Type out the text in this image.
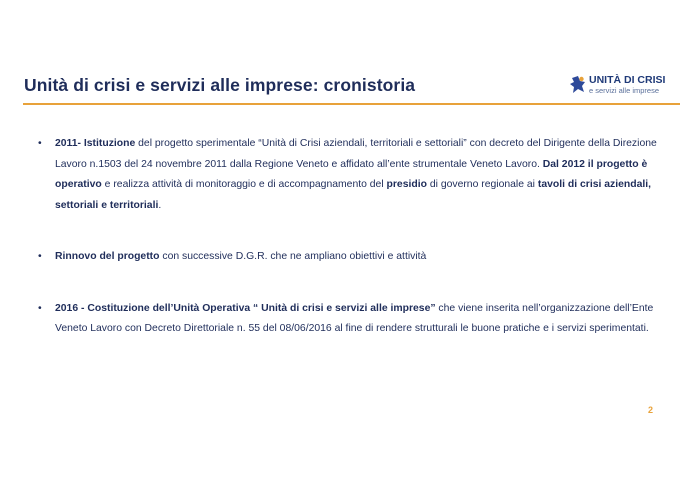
Unità di crisi e servizi alle imprese: cronistoria	UNITÀ DI CRISI
e servizi alle imprese
• 2011- Istituzione del progetto sperimentale “Unità di Crisi aziendali, territoriali e settoriali” con decreto del Dirigente della Direzione Lavoro n.1503 del 24 novembre 2011 dalla Regione Veneto e affidato all’ente strumentale Veneto Lavoro. Dal 2012 il progetto è operativo e realizza attività di monitoraggio e di accompagnamento del presidio di governo regionale ai tavoli di crisi aziendali, settoriali e territoriali.
• Rinnovo del progetto con successive D.G.R. che ne ampliano obiettivi e attività
• 2016 - Costituzione dell’Unità Operativa “ Unità di crisi e servizi alle imprese” che viene inserita nell’organizzazione dell’Ente Veneto Lavoro con Decreto Direttoriale n. 55 del 08/06/2016 al fine di rendere strutturali le buone pratiche e i servizi sperimentati.
2
